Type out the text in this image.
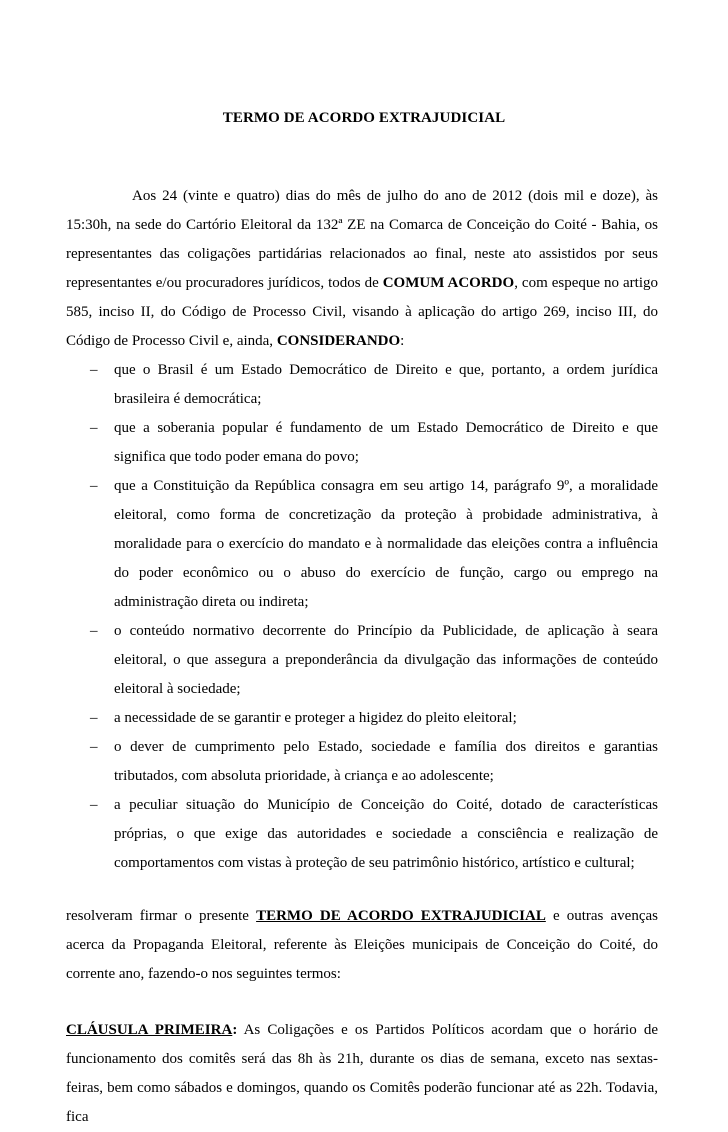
TERMO DE ACORDO EXTRAJUDICIAL

Aos 24 (vinte e quatro) dias do mês de julho do ano de 2012 (dois mil e doze), às 15:30h, na sede do Cartório Eleitoral da 132ª ZE na Comarca de Conceição do Coité - Bahia, os representantes das coligações partidárias relacionados ao final, neste ato assistidos por seus representantes e/ou procuradores jurídicos, todos de COMUM ACORDO, com espeque no artigo 585, inciso II, do Código de Processo Civil, visando à aplicação do artigo 269, inciso III, do Código de Processo Civil e, ainda, CONSIDERANDO:

– que o Brasil é um Estado Democrático de Direito e que, portanto, a ordem jurídica brasileira é democrática;
– que a soberania popular é fundamento de um Estado Democrático de Direito e que significa que todo poder emana do povo;
– que a Constituição da República consagra em seu artigo 14, parágrafo 9º, a moralidade eleitoral, como forma de concretização da proteção à probidade administrativa, à moralidade para o exercício do mandato e à normalidade das eleições contra a influência do poder econômico ou o abuso do exercício de função, cargo ou emprego na administração direta ou indireta;
– o conteúdo normativo decorrente do Princípio da Publicidade, de aplicação à seara eleitoral, o que assegura a preponderância da divulgação das informações de conteúdo eleitoral à sociedade;
– a necessidade de se garantir e proteger a higidez do pleito eleitoral;
– o dever de cumprimento pelo Estado, sociedade e família dos direitos e garantias tributados, com absoluta prioridade, à criança e ao adolescente;
– a peculiar situação do Município de Conceição do Coité, dotado de características próprias, o que exige das autoridades e sociedade a consciência e realização de comportamentos com vistas à proteção de seu patrimônio histórico, artístico e cultural;

resolveram firmar o presente TERMO DE ACORDO EXTRAJUDICIAL e outras avenças acerca da Propaganda Eleitoral, referente às Eleições municipais de Conceição do Coité, do corrente ano, fazendo-o nos seguintes termos:

CLÁUSULA PRIMEIRA: As Coligações e os Partidos Políticos acordam que o horário de funcionamento dos comitês será das 8h às 21h, durante os dias de semana, exceto nas sextas-feiras, bem como sábados e domingos, quando os Comitês poderão funcionar até as 22h. Todavia, fica
